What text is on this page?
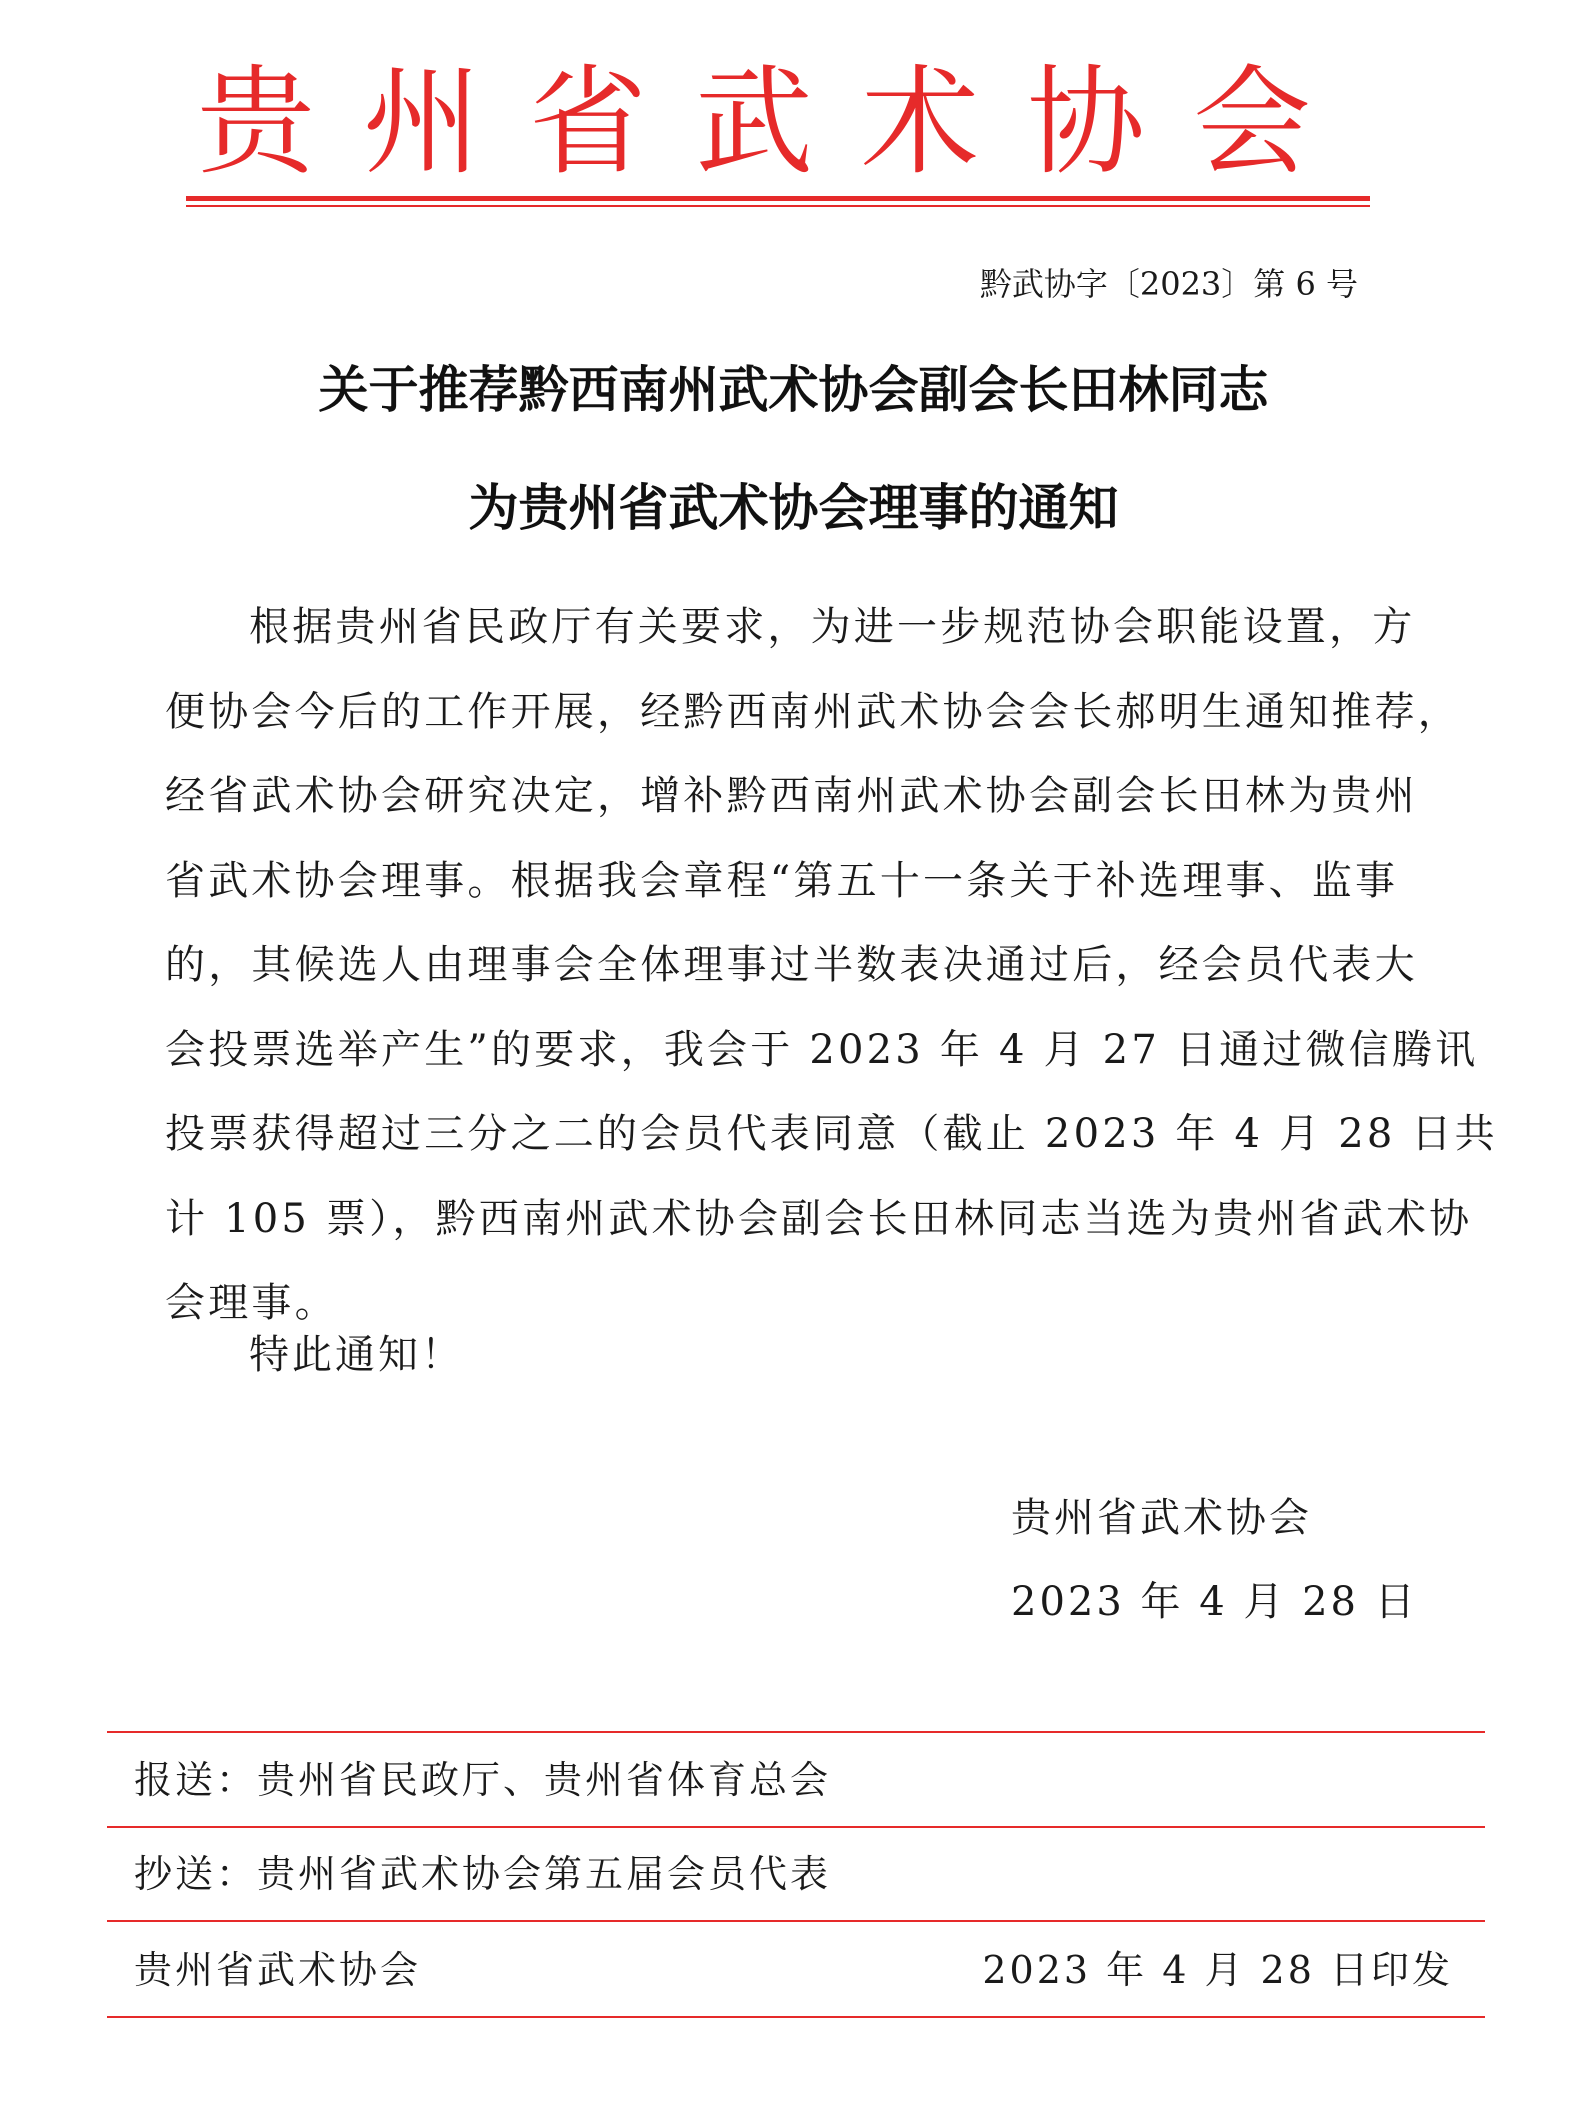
贵州省武术协会
黔武协字〔2023〕第 6 号
关于推荐黔西南州武术协会副会长田林同志
为贵州省武术协会理事的通知
根据贵州省民政厅有关要求，为进一步规范协会职能设置，方
便协会今后的工作开展，经黔西南州武术协会会长郝明生通知推荐，
经省武术协会研究决定，增补黔西南州武术协会副会长田林为贵州
省武术协会理事。根据我会章程“第五十一条关于补选理事、监事
的，其候选人由理事会全体理事过半数表决通过后，经会员代表大
会投票选举产生”的要求，我会于 2023 年 4 月 27 日通过微信腾讯
投票获得超过三分之二的会员代表同意（截止 2023 年 4 月 28 日共
计 105 票），黔西南州武术协会副会长田林同志当选为贵州省武术协
会理事。
特此通知！
贵州省武术协会
2023 年 4 月 28 日
报送：贵州省民政厅、贵州省体育总会
抄送：贵州省武术协会第五届会员代表
贵州省武术协会	2023 年 4 月 28 日印发
